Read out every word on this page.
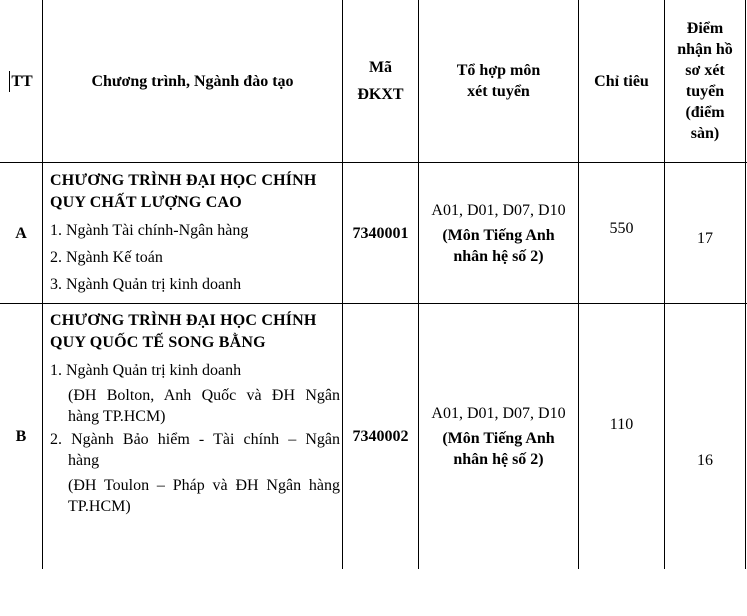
TT	Chương trình, Ngành đào tạo
Mã
ĐKXT
Tổ hợp môn
xét tuyển
Chỉ tiêu
Điểm
nhận hồ
sơ xét
tuyển
(điểm
sàn)
A
CHƯƠNG TRÌNH ĐẠI HỌC CHÍNH
QUY CHẤT LƯỢNG CAO
1. Ngành Tài chính-Ngân hàng
2. Ngành Kế toán
3. Ngành Quản trị kinh doanh
7340001
A01, D01, D07, D10
(Môn Tiếng Anh
nhân hệ số 2)
550
17
B
CHƯƠNG TRÌNH ĐẠI HỌC CHÍNH
QUY QUỐC TẾ SONG BẰNG
1. Ngành Quản trị kinh doanh
(ĐH Bolton, Anh Quốc và ĐH Ngân
hàng TP.HCM)
2. Ngành Bảo hiểm - Tài chính – Ngân
hàng
(ĐH Toulon – Pháp và ĐH Ngân hàng
TP.HCM)
7340002
A01, D01, D07, D10
(Môn Tiếng Anh
nhân hệ số 2)
110
16
